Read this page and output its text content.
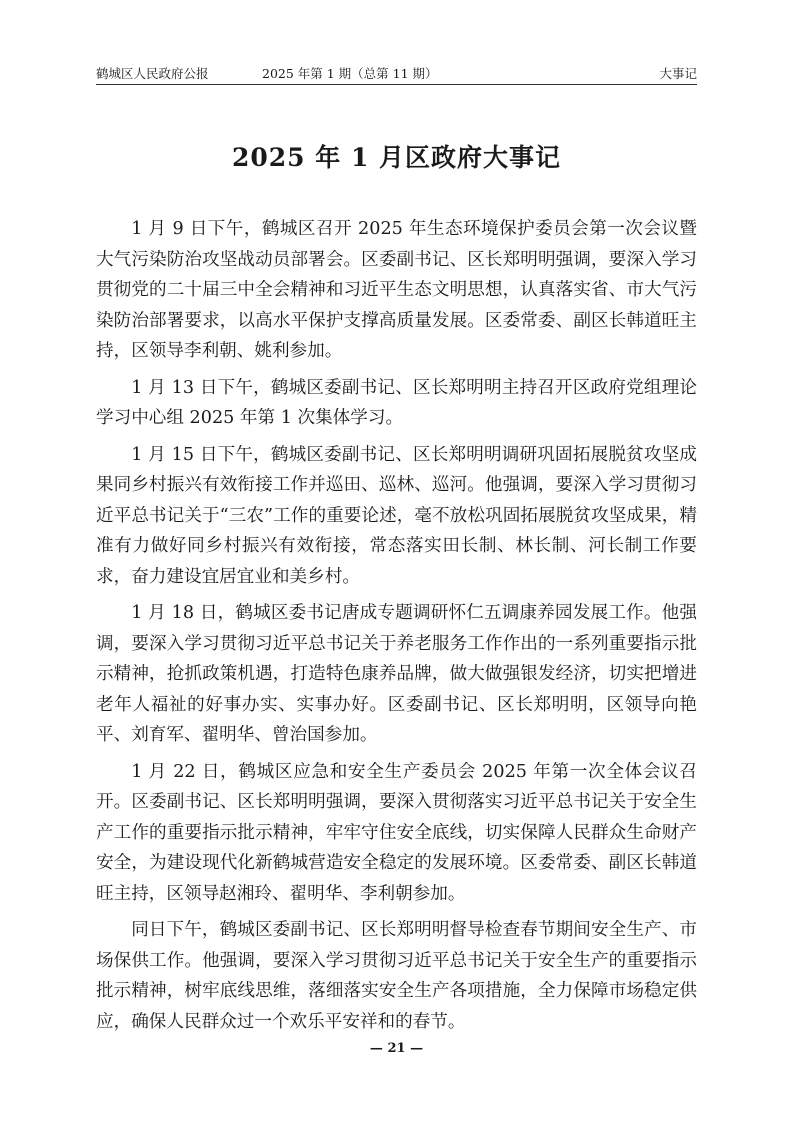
鹤城区人民政府公报	2025 年第 1 期（总第 11 期）	大事记
2025 年 1 月区政府大事记

1 月 9 日下午，鹤城区召开 2025 年生态环境保护委员会第一次会议暨大气污染防治攻坚战动员部署会。区委副书记、区长郑明明强调，要深入学习贯彻党的二十届三中全会精神和习近平生态文明思想，认真落实省、市大气污染防治部署要求，以高水平保护支撑高质量发展。区委常委、副区长韩道旺主持，区领导李利朝、姚利参加。

1 月 13 日下午，鹤城区委副书记、区长郑明明主持召开区政府党组理论学习中心组 2025 年第 1 次集体学习。

1 月 15 日下午，鹤城区委副书记、区长郑明明调研巩固拓展脱贫攻坚成果同乡村振兴有效衔接工作并巡田、巡林、巡河。他强调，要深入学习贯彻习近平总书记关于“三农”工作的重要论述，毫不放松巩固拓展脱贫攻坚成果，精准有力做好同乡村振兴有效衔接，常态落实田长制、林长制、河长制工作要求，奋力建设宜居宜业和美乡村。

1 月 18 日，鹤城区委书记唐成专题调研怀仁五调康养园发展工作。他强调，要深入学习贯彻习近平总书记关于养老服务工作作出的一系列重要指示批示精神，抢抓政策机遇，打造特色康养品牌，做大做强银发经济，切实把增进老年人福祉的好事办实、实事办好。区委副书记、区长郑明明，区领导向艳平、刘育军、翟明华、曾治国参加。

1 月 22 日，鹤城区应急和安全生产委员会 2025 年第一次全体会议召开。区委副书记、区长郑明明强调，要深入贯彻落实习近平总书记关于安全生产工作的重要指示批示精神，牢牢守住安全底线，切实保障人民群众生命财产安全，为建设现代化新鹤城营造安全稳定的发展环境。区委常委、副区长韩道旺主持，区领导赵湘玲、翟明华、李利朝参加。

同日下午，鹤城区委副书记、区长郑明明督导检查春节期间安全生产、市场保供工作。他强调，要深入学习贯彻习近平总书记关于安全生产的重要指示批示精神，树牢底线思维，落细落实安全生产各项措施，全力保障市场稳定供应，确保人民群众过一个欢乐平安祥和的春节。

— 21 —
